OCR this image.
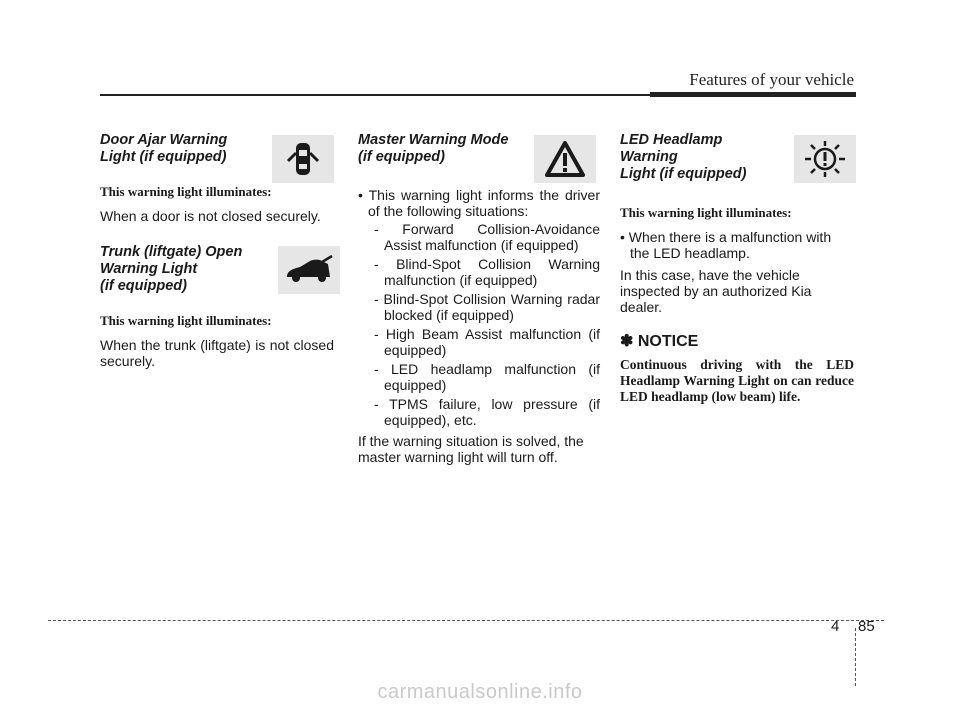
Features of your vehicle
Door Ajar Warning
Light (if equipped)
This warning light illuminates:
When a door is not closed securely.
Trunk (liftgate) Open
Warning Light
(if equipped)
This warning light illuminates:
When the trunk (liftgate) is not closed securely.
Master Warning Mode
(if equipped)
• This warning light informs the driver of the following situations:
- Forward Collision-Avoidance Assist malfunction (if equipped)
- Blind-Spot Collision Warning malfunction (if equipped)
- Blind-Spot Collision Warning radar blocked (if equipped)
- High Beam Assist malfunction (if equipped)
- LED headlamp malfunction (if equipped)
- TPMS failure, low pressure (if equipped), etc.
If the warning situation is solved, the master warning light will turn off.
LED Headlamp Warning
Light (if equipped)
This warning light illuminates:
• When there is a malfunction with the LED headlamp.
In this case, have the vehicle inspected by an authorized Kia dealer.
✽ NOTICE
Continuous driving with the LED Headlamp Warning Light on can reduce LED headlamp (low beam) life.
4 85
carmanualsonline.info
